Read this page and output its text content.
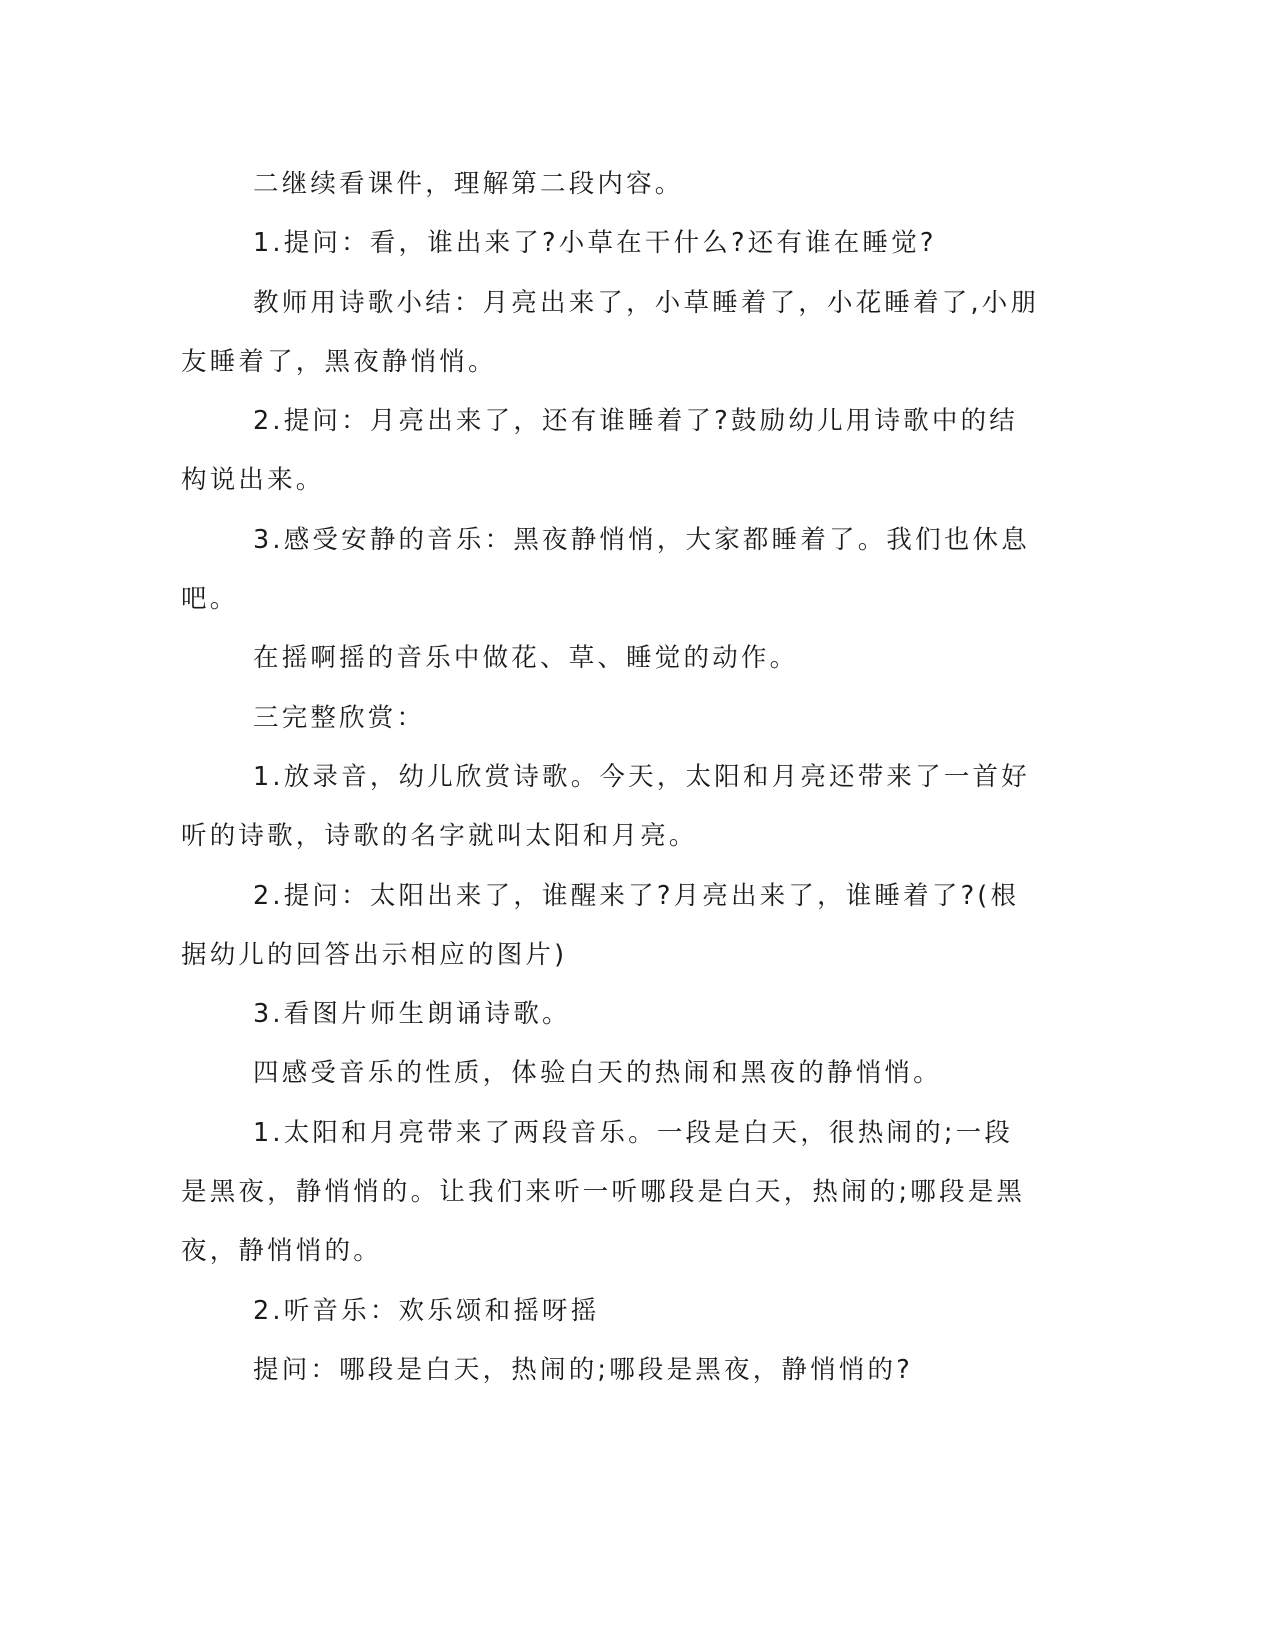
二继续看课件，理解第二段内容。

1.提问：看，谁出来了?小草在干什么?还有谁在睡觉?

教师用诗歌小结：月亮出来了，小草睡着了，小花睡着了,小朋友睡着了，黑夜静悄悄。

2.提问：月亮出来了，还有谁睡着了?鼓励幼儿用诗歌中的结构说出来。

3.感受安静的音乐：黑夜静悄悄，大家都睡着了。我们也休息吧。

在摇啊摇的音乐中做花、草、睡觉的动作。

三完整欣赏：

1.放录音，幼儿欣赏诗歌。今天，太阳和月亮还带来了一首好听的诗歌，诗歌的名字就叫太阳和月亮。

2.提问：太阳出来了，谁醒来了?月亮出来了，谁睡着了?(根据幼儿的回答出示相应的图片)

3.看图片师生朗诵诗歌。

四感受音乐的性质，体验白天的热闹和黑夜的静悄悄。

1.太阳和月亮带来了两段音乐。一段是白天，很热闹的;一段是黑夜，静悄悄的。让我们来听一听哪段是白天，热闹的;哪段是黑夜，静悄悄的。

2.听音乐：欢乐颂和摇呀摇

提问：哪段是白天，热闹的;哪段是黑夜，静悄悄的?
